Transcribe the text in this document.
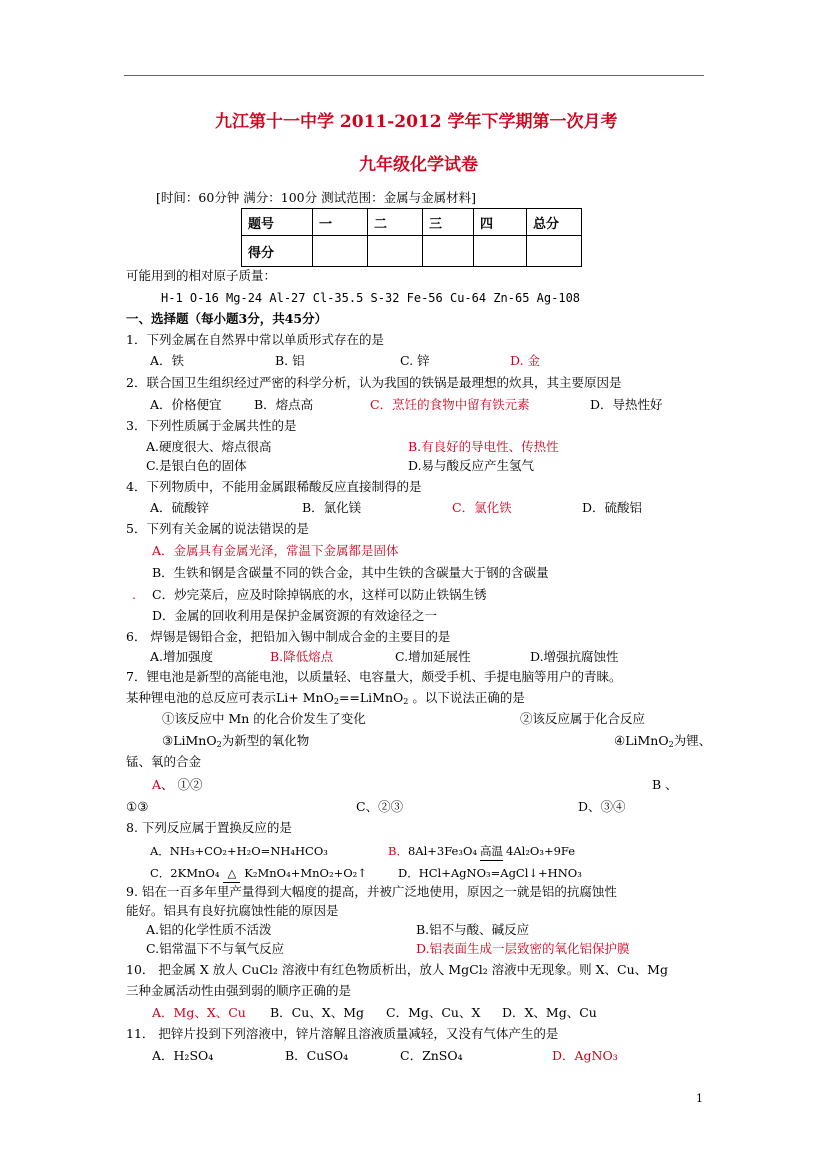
九江第十一中学 2011-2012 学年下学期第一次月考
九年级化学试卷
[时间：60分钟 满分：100分 测试范围：金属与金属材料]
题号	一	二	三	四	总分
得分					
可能用到的相对原子质量：
H-1 O-16 Mg-24 Al-27 Cl-35.5 S-32 Fe-56 Cu-64 Zn-65 Ag-108
一、选择题（每小题3分，共45分）
1．下列金属在自然界中常以单质形式存在的是
A．铁	B. 铝	C. 锌	D. 金
2．联合国卫生组织经过严密的科学分析，认为我国的铁锅是最理想的炊具，其主要原因是
A．价格便宜	B．熔点高	C．烹饪的食物中留有铁元素	D．导热性好
3．下列性质属于金属共性的是
A.硬度很大、熔点很高	B.有良好的导电性、传热性
C.是银白色的固体	D.易与酸反应产生氢气
4．下列物质中，不能用金属跟稀酸反应直接制得的是
A．硫酸锌	B．氯化镁	C．氯化铁	D．硫酸铝
5．下列有关金属的说法错误的是
A．金属具有金属光泽，常温下金属都是固体
B．生铁和钢是含碳量不同的铁合金，其中生铁的含碳量大于钢的含碳量
. C．炒完菜后，应及时除掉锅底的水，这样可以防止铁锅生锈
D．金属的回收利用是保护金属资源的有效途径之一
6． 焊锡是锡铅合金，把铅加入锡中制成合金的主要目的是
A.增加强度	B.降低熔点	C.增加延展性	D.增强抗腐蚀性
7．锂电池是新型的高能电池，以质量轻、电容量大，颇受手机、手提电脑等用户的青睐。
某种锂电池的总反应可表示Li+ MnO$_2$==LiMnO$_2$ 。以下说法正确的是
①该反应中 Mn 的化合价发生了变化	②该反应属于化合反应
③LiMnO$_2$为新型的氧化物	④LiMnO$_2$为锂、
锰、氧的合金
A、 ①②	B 、
①③	C、②③	D、③④
8. 下列反应属于置换反应的是
A．NH₃+CO₂+H₂O=NH₄HCO₃	B．8Al+3Fe₃O₄ 高温 4Al₂O₃+9Fe
C．2KMnO₄ △ K₂MnO₄+MnO₂+O₂↑	D．HCl+AgNO₃=AgCl↓+HNO₃
9. 铝在一百多年里产量得到大幅度的提高，并被广泛地使用，原因之一就是铝的抗腐蚀性
能好。铝具有良好抗腐蚀性能的原因是
A.铝的化学性质不活泼	B.铝不与酸、碱反应
C.铝常温下不与氧气反应	D.铝表面生成一层致密的氧化铝保护膜
10． 把金属 X 放人 CuCl₂ 溶液中有红色物质析出，放人 MgCl₂ 溶液中无现象。则 X、Cu、Mg
三种金属活动性由强到弱的顺序正确的是
A．Mg、X、Cu B．Cu、X、Mg C．Mg、Cu、X D．X、Mg、Cu
11． 把锌片投到下列溶液中，锌片溶解且溶液质量减轻，又没有气体产生的是
A．H₂SO₄	B．CuSO₄	C．ZnSO₄	D．AgNO₃
1
